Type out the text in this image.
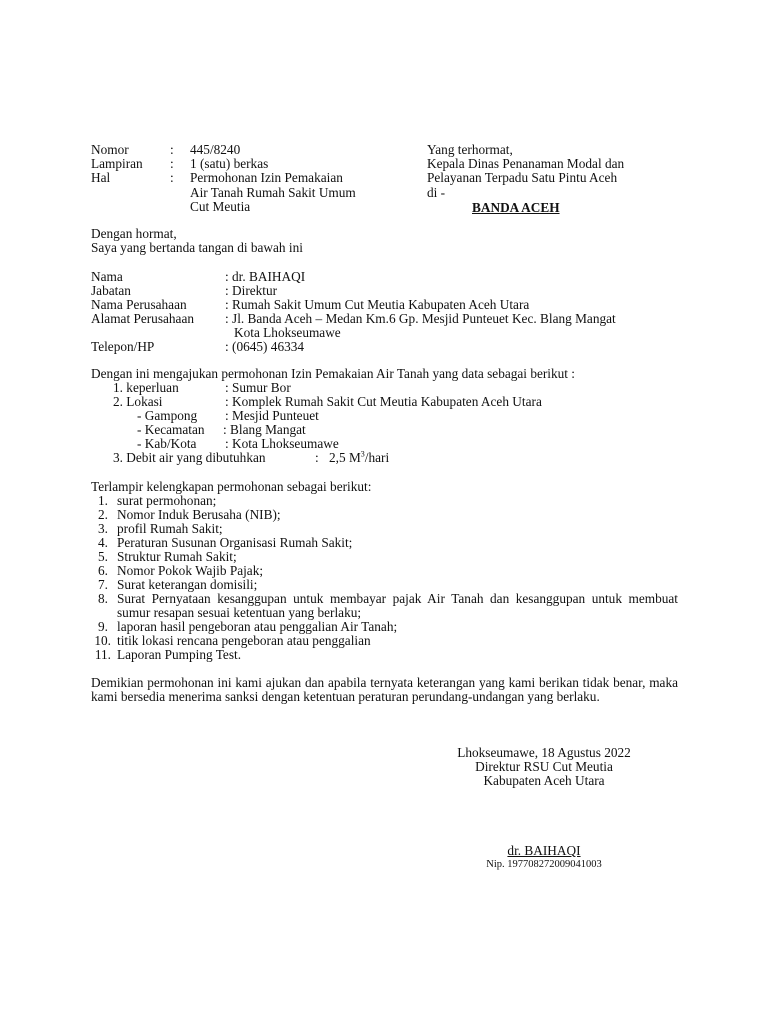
Nomor	: 445/8240
Lampiran : 1 (satu) berkas
Hal	: Permohonan Izin Pemakaian
Air Tanah Rumah Sakit Umum
Cut Meutia
Yang terhormat,
Kepala Dinas Penanaman Modal dan
Pelayanan Terpadu Satu Pintu Aceh
di -
BANDA ACEH
Dengan hormat,
Saya yang bertanda tangan di bawah ini
Nama	: dr. BAIHAQI
Jabatan	: Direktur
Nama Perusahaan	: Rumah Sakit Umum Cut Meutia Kabupaten Aceh Utara
Alamat Perusahaan : Jl. Banda Aceh – Medan Km.6 Gp. Mesjid Punteuet Kec. Blang Mangat
Kota Lhokseumawe
Telepon/HP	: (0645) 46334
Dengan ini mengajukan permohonan Izin Pemakaian Air Tanah yang data sebagai berikut :
1. keperluan	: Sumur Bor
2. Lokasi	: Komplek Rumah Sakit Cut Meutia Kabupaten Aceh Utara
- Gampong : Mesjid Punteuet
- Kecamatan : Blang Mangat
- Kab/Kota : Kota Lhokseumawe
3. Debit air yang dibutuhkan	: 2,5 $M^3$/hari
Terlampir kelengkapan permohonan sebagai berikut:
1. surat permohonan;
2. Nomor Induk Berusaha (NIB);
3. profil Rumah Sakit;
4. Peraturan Susunan Organisasi Rumah Sakit;
5. Struktur Rumah Sakit;
6. Nomor Pokok Wajib Pajak;
7. Surat keterangan domisili;
8. Surat Pernyataan kesanggupan untuk membayar pajak Air Tanah dan kesanggupan untuk membuat sumur resapan sesuai ketentuan yang berlaku;
9. laporan hasil pengeboran atau penggalian Air Tanah;
10. titik lokasi rencana pengeboran atau penggalian
11. Laporan Pumping Test.
Demikian permohonan ini kami ajukan dan apabila ternyata keterangan yang kami berikan tidak benar, maka kami bersedia menerima sanksi dengan ketentuan peraturan perundang-undangan yang berlaku.
Lhokseumawe, 18 Agustus 2022
Direktur RSU Cut Meutia
Kabupaten Aceh Utara
dr. BAIHAQI
Nip. 197708272009041003
